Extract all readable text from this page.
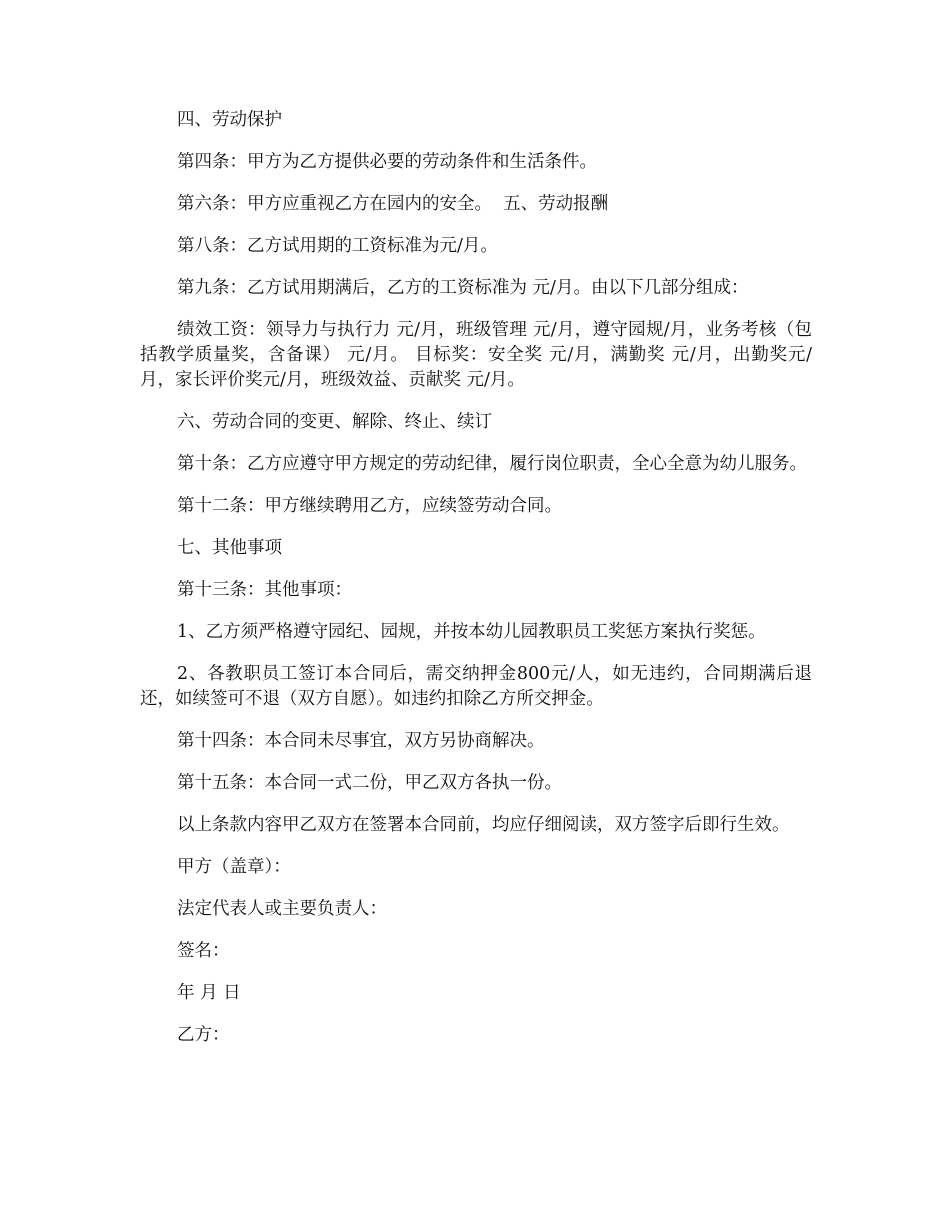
四、劳动保护

第四条：甲方为乙方提供必要的劳动条件和生活条件。

第六条：甲方应重视乙方在园内的安全。  五、劳动报酬

第八条：乙方试用期的工资标准为元/月。

第九条：乙方试用期满后，乙方的工资标准为 元/月。由以下几部分组成：

绩效工资：领导力与执行力 元/月，班级管理 元/月，遵守园规/月，业务考核（包括教学质量奖，含备课） 元/月。 目标奖：安全奖 元/月，满勤奖 元/月，出勤奖元/月，家长评价奖元/月，班级效益、贡献奖 元/月。

六、劳动合同的变更、解除、终止、续订

第十条：乙方应遵守甲方规定的劳动纪律，履行岗位职责，全心全意为幼儿服务。

第十二条：甲方继续聘用乙方，应续签劳动合同。

七、其他事项

第十三条：其他事项：

1、乙方须严格遵守园纪、园规，并按本幼儿园教职员工奖惩方案执行奖惩。

2、各教职员工签订本合同后，需交纳押金800元/人，如无违约，合同期满后退还，如续签可不退（双方自愿）。如违约扣除乙方所交押金。

第十四条：本合同未尽事宜，双方另协商解决。

第十五条：本合同一式二份，甲乙双方各执一份。

以上条款内容甲乙双方在签署本合同前，均应仔细阅读，双方签字后即行生效。

甲方（盖章）：

法定代表人或主要负责人：

签名：

年 月 日

乙方：
